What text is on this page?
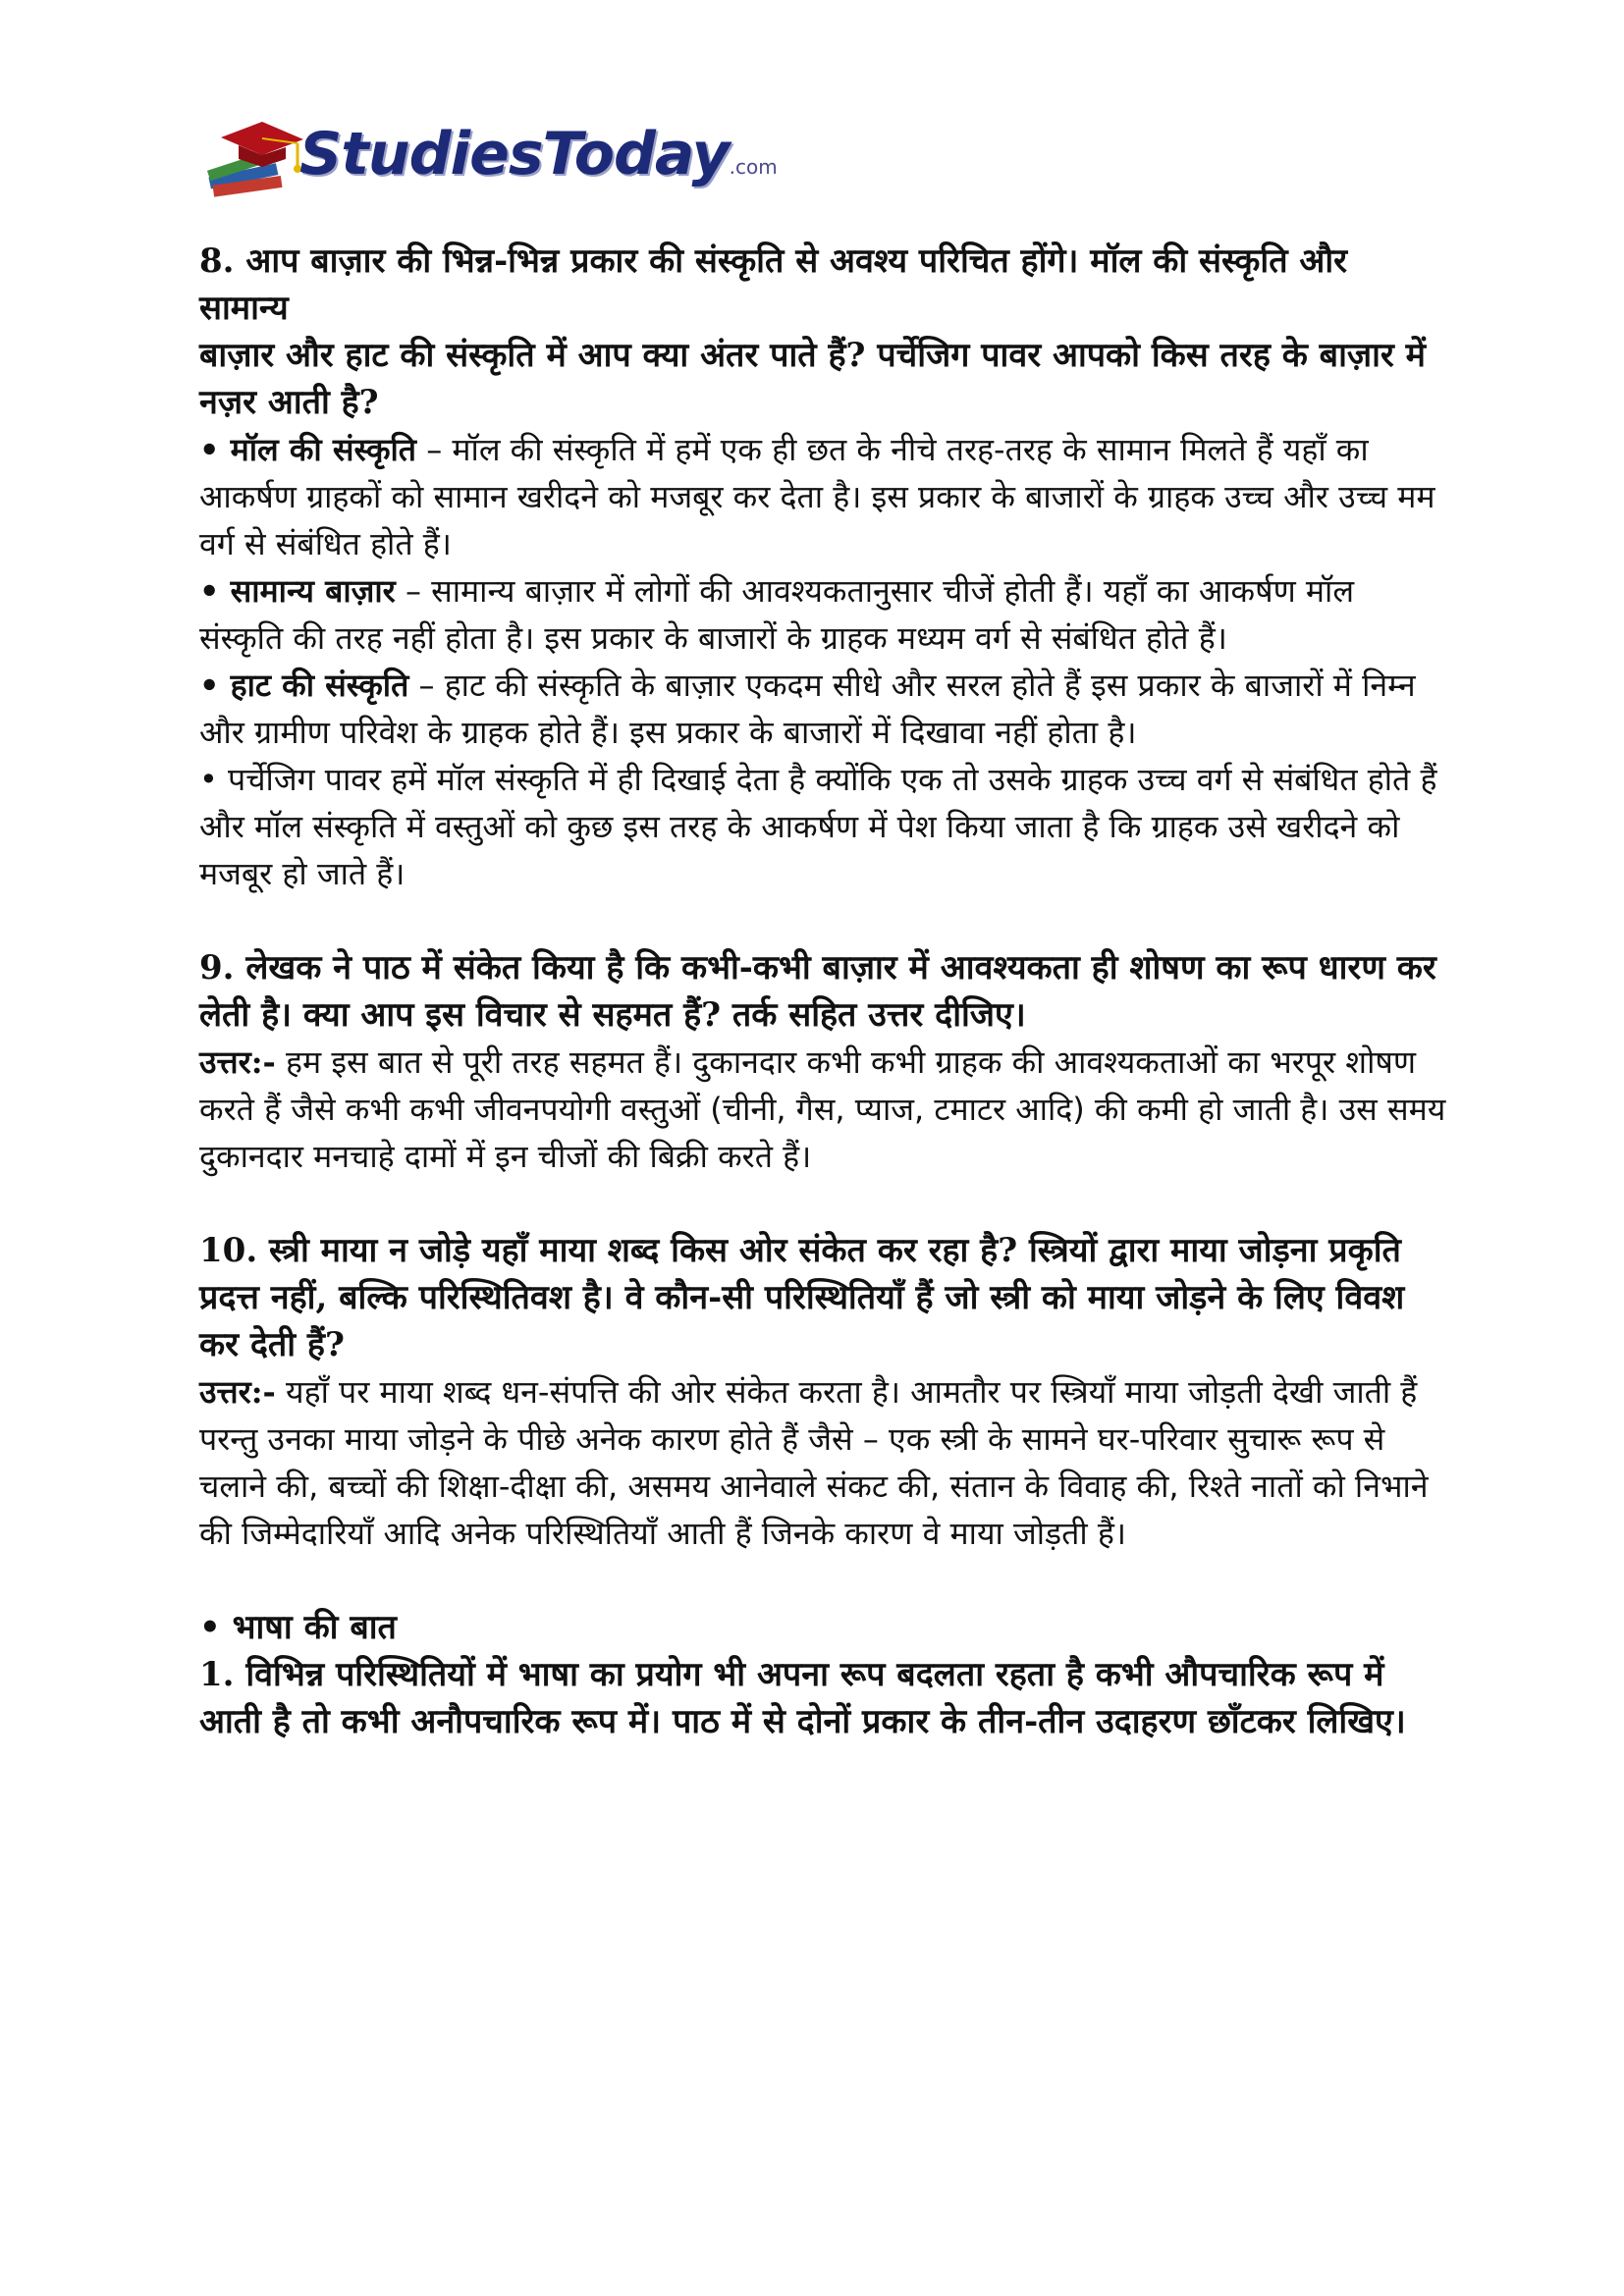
StudiesToday.com

8. आप बाज़ार की भिन्न-भिन्न प्रकार की संस्कृति से अवश्य परिचित होंगे। मॉल की संस्कृति और सामान्य

बाज़ार और हाट की संस्कृति में आप क्या अंतर पाते हैं? पर्चेजिग पावर आपको किस तरह के बाज़ार में नज़र आती है?

• मॉल की संस्कृति – मॉल की संस्कृति में हमें एक ही छत के नीचे तरह-तरह के सामान मिलते हैं यहाँ का आकर्षण ग्राहकों को सामान खरीदने को मजबूर कर देता है। इस प्रकार के बाजारों के ग्राहक उच्च और उच्च मम वर्ग से संबंधित होते हैं।

• सामान्य बाज़ार – सामान्य बाज़ार में लोगों की आवश्यकतानुसार चीजें होती हैं। यहाँ का आकर्षण मॉल संस्कृति की तरह नहीं होता है। इस प्रकार के बाजारों के ग्राहक मध्यम वर्ग से संबंधित होते हैं।

• हाट की संस्कृति – हाट की संस्कृति के बाज़ार एकदम सीधे और सरल होते हैं इस प्रकार के बाजारों में निम्न और ग्रामीण परिवेश के ग्राहक होते हैं। इस प्रकार के बाजारों में दिखावा नहीं होता है।

• पर्चेजिग पावर हमें मॉल संस्कृति में ही दिखाई देता है क्योंकि एक तो उसके ग्राहक उच्च वर्ग से संबंधित होते हैं और मॉल संस्कृति में वस्तुओं को कुछ इस तरह के आकर्षण में पेश किया जाता है कि ग्राहक उसे खरीदने को मजबूर हो जाते हैं।

9. लेखक ने पाठ में संकेत किया है कि कभी-कभी बाज़ार में आवश्यकता ही शोषण का रूप धारण कर लेती है। क्या आप इस विचार से सहमत हैं? तर्क सहित उत्तर दीजिए।

उत्तर:- हम इस बात से पूरी तरह सहमत हैं। दुकानदार कभी कभी ग्राहक की आवश्यकताओं का भरपूर शोषण करते हैं जैसे कभी कभी जीवनपयोगी वस्तुओं (चीनी, गैस, प्याज, टमाटर आदि) की कमी हो जाती है। उस समय दुकानदार मनचाहे दामों में इन चीजों की बिक्री करते हैं।

10. स्त्री माया न जोड़े यहाँ माया शब्द किस ओर संकेत कर रहा है? स्त्रियों द्वारा माया जोड़ना प्रकृति प्रदत्त नहीं, बल्कि परिस्थितिवश है। वे कौन-सी परिस्थितियाँ हैं जो स्त्री को माया जोड़ने के लिए विवश कर देती हैं?

उत्तर:- यहाँ पर माया शब्द धन-संपत्ति की ओर संकेत करता है। आमतौर पर स्त्रियाँ माया जोड़ती देखी जाती हैं परन्तु उनका माया जोड़ने के पीछे अनेक कारण होते हैं जैसे – एक स्त्री के सामने घर-परिवार सुचारू रूप से चलाने की, बच्चों की शिक्षा-दीक्षा की, असमय आनेवाले संकट की, संतान के विवाह की, रिश्ते नातों को निभाने की जिम्मेदारियाँ आदि अनेक परिस्थितियाँ आती हैं जिनके कारण वे माया जोड़ती हैं।

• भाषा की बात

1. विभिन्न परिस्थितियों में भाषा का प्रयोग भी अपना रूप बदलता रहता है कभी औपचारिक रूप में आती है तो कभी अनौपचारिक रूप में। पाठ में से दोनों प्रकार के तीन-तीन उदाहरण छाँटकर लिखिए।
